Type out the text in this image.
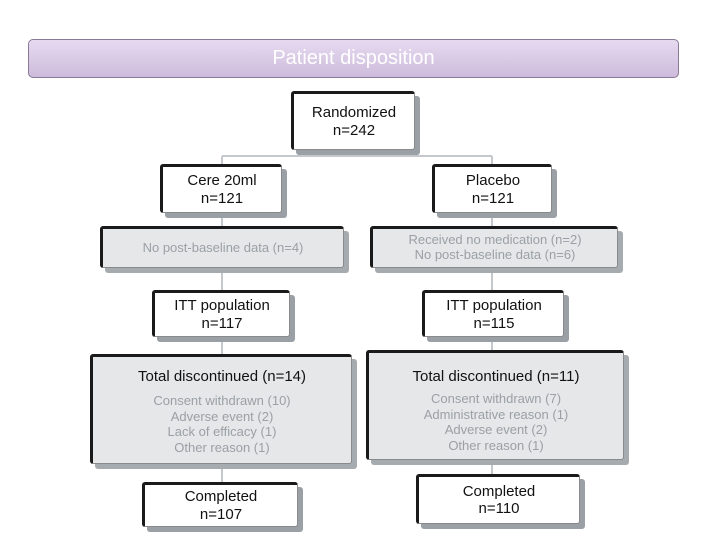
Patient disposition
Randomized
n=242
Cere 20ml
n=121
No post-baseline data (n=4)
ITT population
n=117
Total discontinued (n=14)
Consent withdrawn (10)
Adverse event (2)
Lack of efficacy (1)
Other reason (1)
Completed
n=107
Placebo
n=121
Received no medication (n=2)
No post-baseline data (n=6)
ITT population
n=115
Total discontinued (n=11)
Consent withdrawn (7)
Administrative reason (1)
Adverse event (2)
Other reason (1)
Completed
n=110
